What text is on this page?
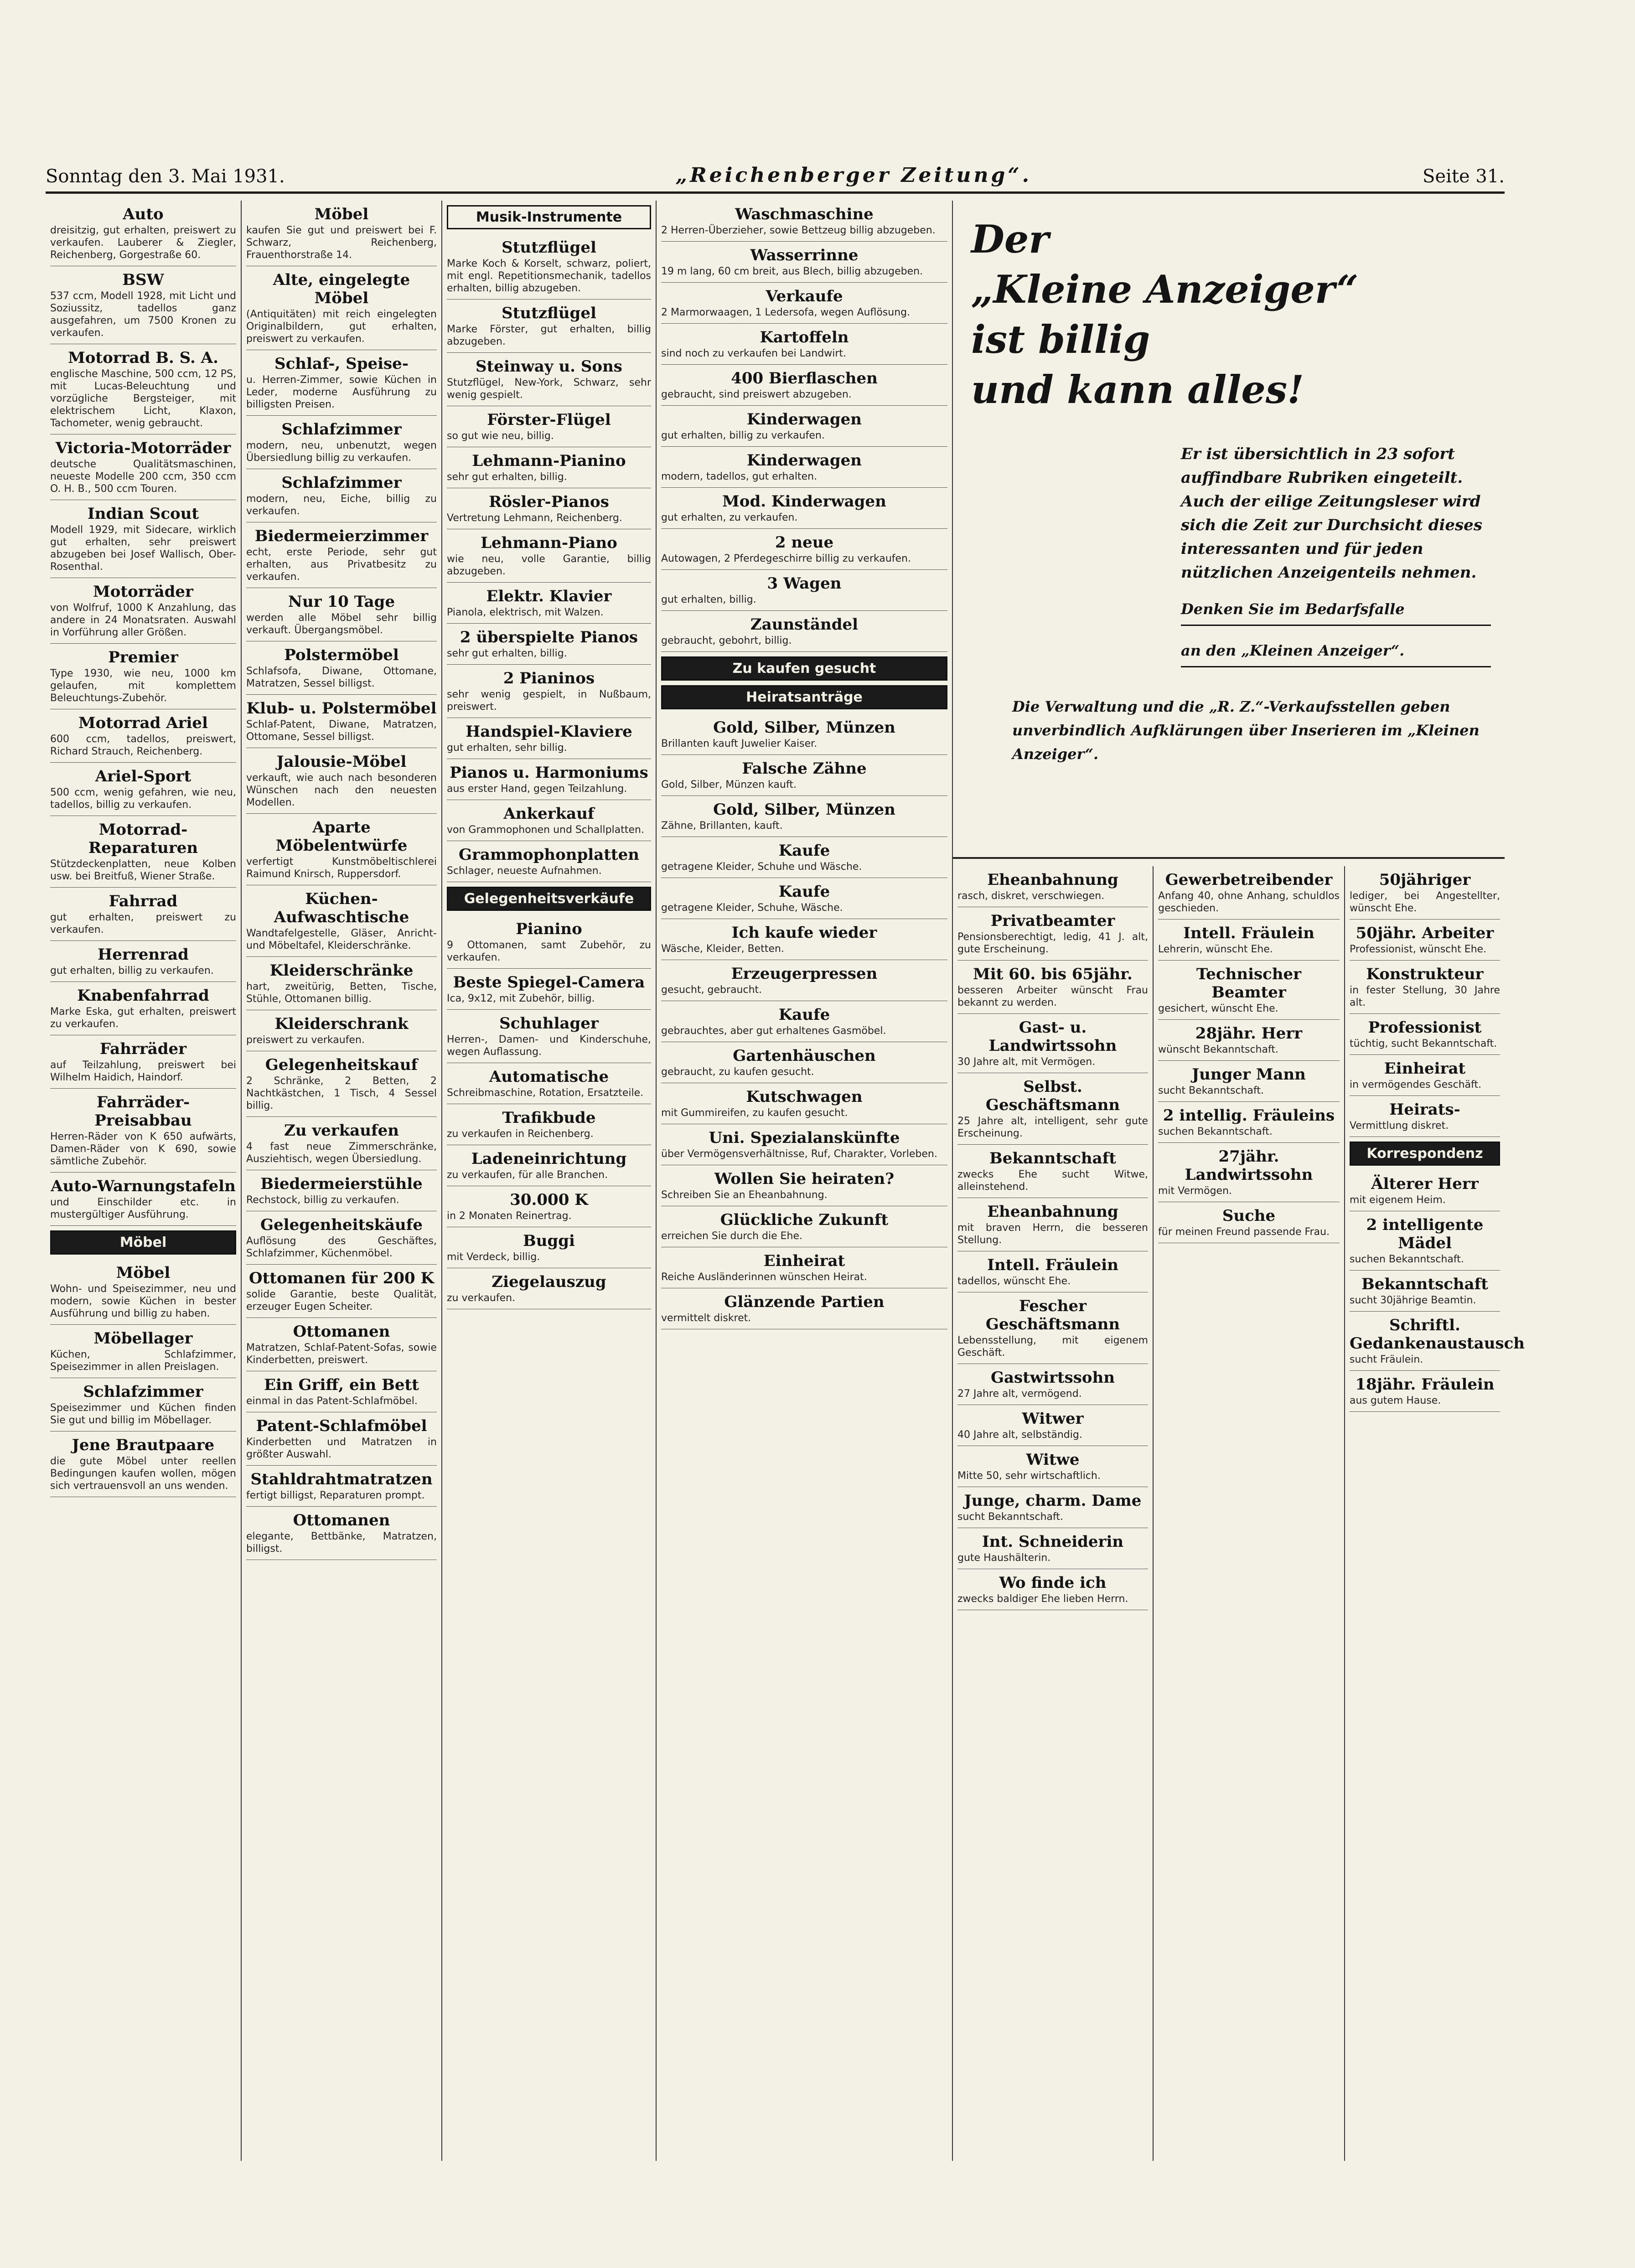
Sonntag den 3. Mai 1931.	„Reichenberger Zeitung“.	Seite 31.
Auto

dreisitzig, gut erhalten, preiswert zu verkaufen. Lauberer & Ziegler, Reichenberg, Gorgestraße 60.

BSW

537 ccm, Modell 1928, mit Licht und Soziussitz, tadellos ganz ausgefahren, um 7500 Kronen zu verkaufen.

Motorrad B. S. A.

englische Maschine, 500 ccm, 12 PS, mit Lucas-Beleuchtung und vorzügliche Bergsteiger, mit elektrischem Licht, Klaxon, Tachometer, wenig gebraucht.

Victoria-Motorräder

deutsche Qualitätsmaschinen, neueste Modelle 200 ccm, 350 ccm O. H. B., 500 ccm Touren.

Indian Scout

Modell 1929, mit Sidecare, wirklich gut erhalten, sehr preiswert abzugeben bei Josef Wallisch, Ober-Rosenthal.

Motorräder

von Wolfruf, 1000 K Anzahlung, das andere in 24 Monatsraten. Auswahl in Vorführung aller Größen.

Premier

Type 1930, wie neu, 1000 km gelaufen, mit komplettem Beleuchtungs-Zubehör.

Motorrad Ariel

600 ccm, tadellos, preiswert, Richard Strauch, Reichenberg.

Ariel-Sport

500 ccm, wenig gefahren, wie neu, tadellos, billig zu verkaufen.

Motorrad-Reparaturen

Stützdeckenplatten, neue Kolben usw. bei Breitfuß, Wiener Straße.

Fahrrad

gut erhalten, preiswert zu verkaufen.

Herrenrad

gut erhalten, billig zu verkaufen.

Knabenfahrrad

Marke Eska, gut erhalten, preiswert zu verkaufen.

Fahrräder

auf Teilzahlung, preiswert bei Wilhelm Haidich, Haindorf.

Fahrräder-Preisabbau

Herren-Räder von K 650 aufwärts, Damen-Räder von K 690, sowie sämtliche Zubehör.

Auto-Warnungstafeln

und Einschilder etc. in mustergültiger Ausführung.

Möbel
Möbel

Wohn- und Speisezimmer, neu und modern, sowie Küchen in bester Ausführung und billig zu haben.

Möbellager

Küchen, Schlafzimmer, Speisezimmer in allen Preislagen.

Schlafzimmer

Speisezimmer und Küchen finden Sie gut und billig im Möbellager.

Jene Brautpaare

die gute Möbel unter reellen Bedingungen kaufen wollen, mögen sich vertrauensvoll an uns wenden.

Möbel

kaufen Sie gut und preiswert bei F. Schwarz, Reichenberg, Frauenthorstraße 14.

Alte, eingelegte Möbel

(Antiquitäten) mit reich eingelegten Originalbildern, gut erhalten, preiswert zu verkaufen.

Schlaf-, Speise-

u. Herren-Zimmer, sowie Küchen in Leder, moderne Ausführung zu billigsten Preisen.

Schlafzimmer

modern, neu, unbenutzt, wegen Übersiedlung billig zu verkaufen.

Schlafzimmer

modern, neu, Eiche, billig zu verkaufen.

Biedermeierzimmer

echt, erste Periode, sehr gut erhalten, aus Privatbesitz zu verkaufen.

Nur 10 Tage

werden alle Möbel sehr billig verkauft. Übergangsmöbel.

Polstermöbel

Schlafsofa, Diwane, Ottomane, Matratzen, Sessel billigst.

Klub- u. Polstermöbel

Schlaf-Patent, Diwane, Matratzen, Ottomane, Sessel billigst.

Jalousie-Möbel

verkauft, wie auch nach besonderen Wünschen nach den neuesten Modellen.

Aparte Möbelentwürfe

verfertigt Kunstmöbeltischlerei Raimund Knirsch, Ruppersdorf.

Küchen-Aufwaschtische

Wandtafelgestelle, Gläser, Anricht- und Möbeltafel, Kleiderschränke.

Kleiderschränke

hart, zweitürig, Betten, Tische, Stühle, Ottomanen billig.

Kleiderschrank

preiswert zu verkaufen.

Gelegenheitskauf

2 Schränke, 2 Betten, 2 Nachtkästchen, 1 Tisch, 4 Sessel billig.

Zu verkaufen

4 fast neue Zimmerschränke, Ausziehtisch, wegen Übersiedlung.

Biedermeierstühle

Rechstock, billig zu verkaufen.

Gelegenheitskäufe

Auflösung des Geschäftes, Schlafzimmer, Küchenmöbel.

Ottomanen für 200 K

solide Garantie, beste Qualität, erzeuger Eugen Scheiter.

Ottomanen

Matratzen, Schlaf-Patent-Sofas, sowie Kinderbetten, preiswert.

Ein Griff, ein Bett

einmal in das Patent-Schlafmöbel.

Patent-Schlafmöbel

Kinderbetten und Matratzen in größter Auswahl.

Stahldrahtmatratzen

fertigt billigst, Reparaturen prompt.

Ottomanen

elegante, Bettbänke, Matratzen, billigst.

Musik-Instrumente
Stutzflügel

Marke Koch & Korselt, schwarz, poliert, mit engl. Repetitionsmechanik, tadellos erhalten, billig abzugeben.

Stutzflügel

Marke Förster, gut erhalten, billig abzugeben.

Steinway u. Sons

Stutzflügel, New-York, Schwarz, sehr wenig gespielt.

Förster-Flügel

so gut wie neu, billig.

Lehmann-Pianino

sehr gut erhalten, billig.

Rösler-Pianos

Vertretung Lehmann, Reichenberg.

Lehmann-Piano

wie neu, volle Garantie, billig abzugeben.

Elektr. Klavier

Pianola, elektrisch, mit Walzen.

2 überspielte Pianos

sehr gut erhalten, billig.

2 Pianinos

sehr wenig gespielt, in Nußbaum, preiswert.

Handspiel-Klaviere

gut erhalten, sehr billig.

Pianos u. Harmoniums

aus erster Hand, gegen Teilzahlung.

Ankerkauf

von Grammophonen und Schallplatten.

Grammophonplatten

Schlager, neueste Aufnahmen.

Gelegenheitsverkäufe
Pianino

9 Ottomanen, samt Zubehör, zu verkaufen.

Beste Spiegel-Camera

Ica, 9x12, mit Zubehör, billig.

Schuhlager

Herren-, Damen- und Kinderschuhe, wegen Auflassung.

Automatische

Schreibmaschine, Rotation, Ersatzteile.

Trafikbude

zu verkaufen in Reichenberg.

Ladeneinrichtung

zu verkaufen, für alle Branchen.

30.000 K

in 2 Monaten Reinertrag.

Buggi

mit Verdeck, billig.

Ziegelauszug

zu verkaufen.

Waschmaschine

2 Herren-Überzieher, sowie Bettzeug billig abzugeben.

Wasserrinne

19 m lang, 60 cm breit, aus Blech, billig abzugeben.

Verkaufe

2 Marmorwaagen, 1 Ledersofa, wegen Auflösung.

Kartoffeln

sind noch zu verkaufen bei Landwirt.

400 Bierflaschen

gebraucht, sind preiswert abzugeben.

Kinderwagen

gut erhalten, billig zu verkaufen.

Kinderwagen

modern, tadellos, gut erhalten.

Mod. Kinderwagen

gut erhalten, zu verkaufen.

2 neue

Autowagen, 2 Pferdegeschirre billig zu verkaufen.

3 Wagen

gut erhalten, billig.

Zaunständel

gebraucht, gebohrt, billig.

Zu kaufen gesucht
Heiratsanträge
Gold, Silber, Münzen

Brillanten kauft Juwelier Kaiser.

Falsche Zähne

Gold, Silber, Münzen kauft.

Gold, Silber, Münzen

Zähne, Brillanten, kauft.

Kaufe

getragene Kleider, Schuhe und Wäsche.

Kaufe

getragene Kleider, Schuhe, Wäsche.

Ich kaufe wieder

Wäsche, Kleider, Betten.

Erzeugerpressen

gesucht, gebraucht.

Kaufe

gebrauchtes, aber gut erhaltenes Gasmöbel.

Gartenhäuschen

gebraucht, zu kaufen gesucht.

Kutschwagen

mit Gummireifen, zu kaufen gesucht.

Uni. Spezialanskünfte

über Vermögensverhältnisse, Ruf, Charakter, Vorleben.

Wollen Sie heiraten?

Schreiben Sie an Eheanbahnung.

Glückliche Zukunft

erreichen Sie durch die Ehe.

Einheirat

Reiche Ausländerinnen wünschen Heirat.

Glänzende Partien

vermittelt diskret.

Eheanbahnung

rasch, diskret, verschwiegen.

Privatbeamter

Pensionsberechtigt, ledig, 41 J. alt, gute Erscheinung.

Mit 60. bis 65jähr.

besseren Arbeiter wünscht Frau bekannt zu werden.

Gast- u. Landwirtssohn

30 Jahre alt, mit Vermögen.

Selbst. Geschäftsmann

25 Jahre alt, intelligent, sehr gute Erscheinung.

Bekanntschaft

zwecks Ehe sucht Witwe, alleinstehend.

Eheanbahnung

mit braven Herrn, die besseren Stellung.

Intell. Fräulein

tadellos, wünscht Ehe.

Fescher Geschäftsmann

Lebensstellung, mit eigenem Geschäft.

Gastwirtssohn

27 Jahre alt, vermögend.

Witwer

40 Jahre alt, selbständig.

Witwe

Mitte 50, sehr wirtschaftlich.

Junge, charm. Dame

sucht Bekanntschaft.

Int. Schneiderin

gute Haushälterin.

Wo finde ich

zwecks baldiger Ehe lieben Herrn.

Gewerbetreibender

Anfang 40, ohne Anhang, schuldlos geschieden.

Intell. Fräulein

Lehrerin, wünscht Ehe.

Technischer Beamter

gesichert, wünscht Ehe.

28jähr. Herr

wünscht Bekanntschaft.

Junger Mann

sucht Bekanntschaft.

2 intellig. Fräuleins

suchen Bekanntschaft.

27jähr. Landwirtssohn

mit Vermögen.

Suche

für meinen Freund passende Frau.

50jähriger

lediger, bei Angestellter, wünscht Ehe.

50jähr. Arbeiter

Professionist, wünscht Ehe.

Konstrukteur

in fester Stellung, 30 Jahre alt.

Professionist

tüchtig, sucht Bekanntschaft.

Einheirat

in vermögendes Geschäft.

Heirats-

Vermittlung diskret.

Korrespondenz
Älterer Herr

mit eigenem Heim.

2 intelligente Mädel

suchen Bekanntschaft.

Bekanntschaft

sucht 30jährige Beamtin.

Schriftl. Gedankenaustausch

sucht Fräulein.

18jähr. Fräulein

aus gutem Hause.

Der
„Kleine Anzeiger“
ist billig
und kann alles!
Er ist übersichtlich in 23 sofort auffindbare Rubriken eingeteilt. Auch der eilige Zeitungsleser wird sich die Zeit zur Durchsicht dieses interessanten und für jeden nützlichen Anzeigenteils nehmen.
Denken Sie im Bedarfsfalle
an den „Kleinen Anzeiger“.
Die Verwaltung und die „R. Z.“-Verkaufsstellen geben unverbindlich Aufklärungen über Inserieren im „Kleinen Anzeiger“.
